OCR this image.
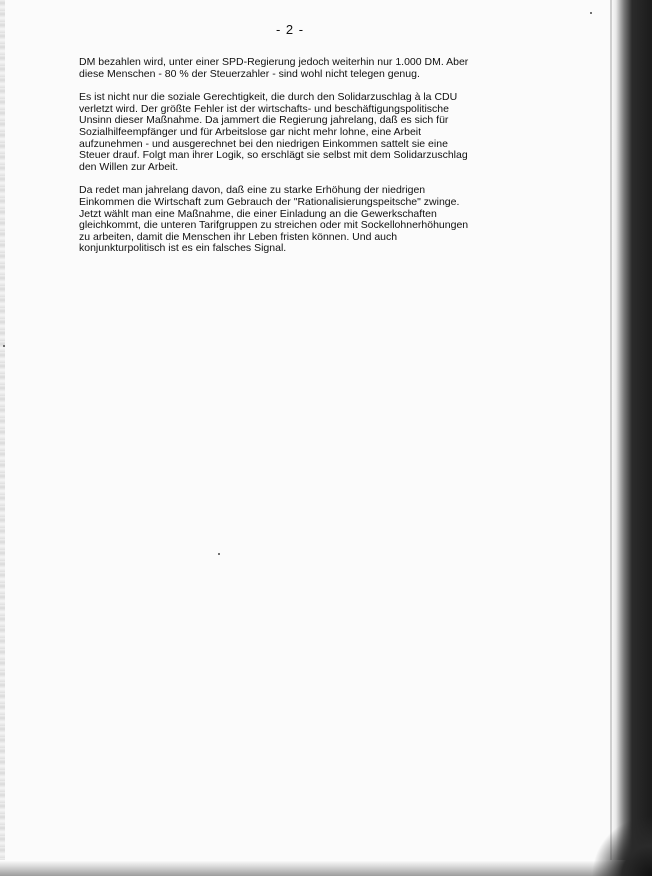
- 2 -

DM bezahlen wird, unter einer SPD-Regierung jedoch weiterhin nur 1.000 DM. Aber
diese Menschen - 80 % der Steuerzahler - sind wohl nicht telegen genug.

Es ist nicht nur die soziale Gerechtigkeit, die durch den Solidarzuschlag à la CDU
verletzt wird. Der größte Fehler ist der wirtschafts- und beschäftigungspolitische
Unsinn dieser Maßnahme. Da jammert die Regierung jahrelang, daß es sich für
Sozialhilfeempfänger und für Arbeitslose gar nicht mehr lohne, eine Arbeit
aufzunehmen - und ausgerechnet bei den niedrigen Einkommen sattelt sie eine
Steuer drauf. Folgt man ihrer Logik, so erschlägt sie selbst mit dem Solidarzuschlag
den Willen zur Arbeit.

Da redet man jahrelang davon, daß eine zu starke Erhöhung der niedrigen
Einkommen die Wirtschaft zum Gebrauch der "Rationalisierungspeitsche" zwinge.
Jetzt wählt man eine Maßnahme, die einer Einladung an die Gewerkschaften
gleichkommt, die unteren Tarifgruppen zu streichen oder mit Sockellohnerhöhungen
zu arbeiten, damit die Menschen ihr Leben fristen können. Und auch
konjunkturpolitisch ist es ein falsches Signal.
